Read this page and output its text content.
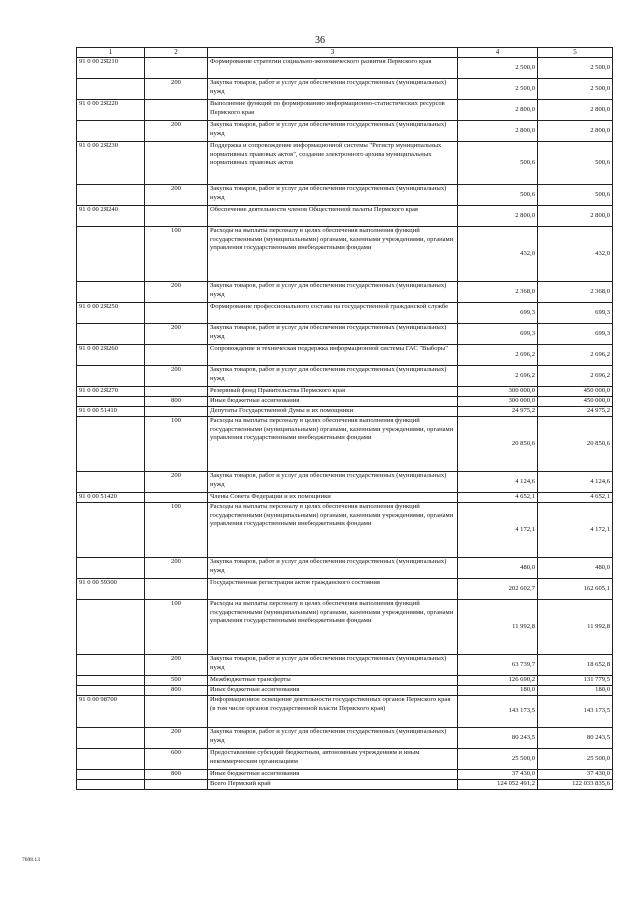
36
1	2	3	4	5
91 0 00 2Я210		Формирование стратегии социально-экономического развития Пермского края	2 500,0	2 500,0
	200	Закупка товаров, работ и услуг для обеспечения государственных (муниципальных) нужд	2 500,0	2 500,0
91 0 00 2Я220		Выполнение функций по формированию информационно-статистических ресурсов Пермского края	2 800,0	2 800,0
	200	Закупка товаров, работ и услуг для обеспечения государственных (муниципальных) нужд	2 800,0	2 800,0
91 0 00 2Я230		Поддержка и сопровождение информационной системы "Регистр муниципальных нормативных правовых актов", создание электронного архива муниципальных нормативных правовых актов	500,6	500,6
	200	Закупка товаров, работ и услуг для обеспечения государственных (муниципальных) нужд	500,6	500,6
91 0 00 2Я240		Обеспечение деятельности членов Общественной палаты Пермского края	2 800,0	2 800,0
	100	Расходы на выплаты персоналу в целях обеспечения выполнения функций государственными (муниципальными) органами, казенными учреждениями, органами управления государственными внебюджетными фондами	432,0	432,0
	200	Закупка товаров, работ и услуг для обеспечения государственных (муниципальных) нужд	2 368,0	2 368,0
91 0 00 2Я250		Формирование профессионального состава на государственной гражданской службе	699,3	699,3
	200	Закупка товаров, работ и услуг для обеспечения государственных (муниципальных) нужд	699,3	699,3
91 0 00 2Я260		Сопровождение и техническая поддержка информационной системы ГАС "Выборы"	2 696,2	2 696,2
	200	Закупка товаров, работ и услуг для обеспечения государственных (муниципальных) нужд	2 696,2	2 696,2
91 0 00 2Я270		Резервный фонд Правительства Пермского края	300 000,0	450 000,0
	800	Иные бюджетные ассигнования	300 000,0	450 000,0
91 0 00 51410		Депутаты Государственной Думы и их помощники	24 975,2	24 975,2
	100	Расходы на выплаты персоналу в целях обеспечения выполнения функций государственными (муниципальными) органами, казенными учреждениями, органами управления государственными внебюджетными фондами	20 850,6	20 850,6
	200	Закупка товаров, работ и услуг для обеспечения государственных (муниципальных) нужд	4 124,6	4 124,6
91 0 00 51420		Члены Совета Федерации и их помощники	4 652,1	4 652,1
	100	Расходы на выплаты персоналу в целях обеспечения выполнения функций государственными (муниципальными) органами, казенными учреждениями, органами управления государственными внебюджетными фондами	4 172,1	4 172,1
	200	Закупка товаров, работ и услуг для обеспечения государственных (муниципальных) нужд	480,0	480,0
91 0 00 59300		Государственная регистрация актов гражданского состояния	202 602,7	162 605,1
	100	Расходы на выплаты персоналу в целях обеспечения выполнения функций государственными (муниципальными) органами, казенными учреждениями, органами управления государственными внебюджетными фондами	11 992,8	11 992,8
	200	Закупка товаров, работ и услуг для обеспечения государственных (муниципальных) нужд	63 739,7	18 652,8
	500	Межбюджетные трансферты	126 690,2	131 779,5
	800	Иные бюджетные ассигнования	180,0	180,0
91 0 00 98700		Информационное освещение деятельности государственных органов Пермского края (в том числе органов государственной власти Пермского края)	143 173,5	143 173,5
	200	Закупка товаров, работ и услуг для обеспечения государственных (муниципальных) нужд	80 243,5	80 243,5
	600	Предоставление субсидий бюджетным, автономным учреждениям и иным некоммерческим организациям	25 500,0	25 500,0
	800	Иные бюджетные ассигнования	37 430,0	37 430,0
		Всего Пермский край	124 052 491,2	122 033 835,6
7698.13
